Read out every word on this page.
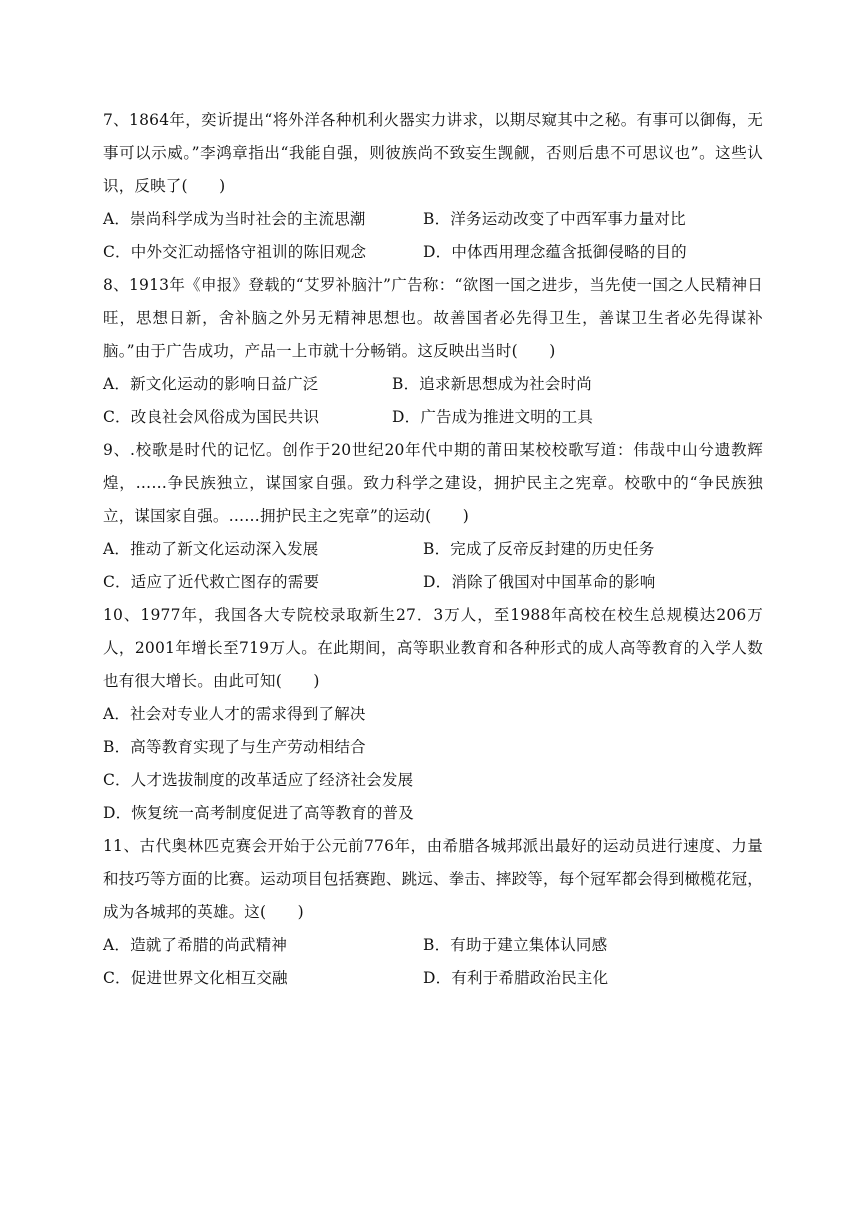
7、1864年，奕䜣提出“将外洋各种机利火器实力讲求，以期尽窥其中之秘。有事可以御侮，无事可以示威。”李鸿章指出“我能自强，则彼族尚不致妄生觊觎，否则后患不可思议也”。这些认识，反映了(　　)

A．崇尚科学成为当时社会的主流思潮	B．洋务运动改变了中西军事力量对比
C．中外交汇动摇恪守祖训的陈旧观念	D．中体西用理念蕴含抵御侵略的目的

8、1913年《申报》登载的“艾罗补脑汁”广告称：“欲图一国之进步，当先使一国之人民精神日旺，思想日新，舍补脑之外另无精神思想也。故善国者必先得卫生，善谋卫生者必先得谋补脑。”由于广告成功，产品一上市就十分畅销。这反映出当时(　　)

A．新文化运动的影响日益广泛	B．追求新思想成为社会时尚
C．改良社会风俗成为国民共识	D．广告成为推进文明的工具

9、.校歌是时代的记忆。创作于20世纪20年代中期的莆田某校校歌写道：伟哉中山兮遗教辉煌，……争民族独立，谋国家自强。致力科学之建设，拥护民主之宪章。校歌中的“争民族独立，谋国家自强。……拥护民主之宪章”的运动(　　)

A．推动了新文化运动深入发展	B．完成了反帝反封建的历史任务
C．适应了近代救亡图存的需要	D．消除了俄国对中国革命的影响

10、1977年，我国各大专院校录取新生27．3万人，至1988年高校在校生总规模达206万人，2001年增长至719万人。在此期间，高等职业教育和各种形式的成人高等教育的入学人数也有很大增长。由此可知(　　)

A．社会对专业人才的需求得到了解决

B．高等教育实现了与生产劳动相结合

C．人才选拔制度的改革适应了经济社会发展

D．恢复统一高考制度促进了高等教育的普及

11、古代奥林匹克赛会开始于公元前776年，由希腊各城邦派出最好的运动员进行速度、力量和技巧等方面的比赛。运动项目包括赛跑、跳远、拳击、摔跤等，每个冠军都会得到橄榄花冠，成为各城邦的英雄。这(　　)

A．造就了希腊的尚武精神	B．有助于建立集体认同感
C．促进世界文化相互交融	D．有利于希腊政治民主化
